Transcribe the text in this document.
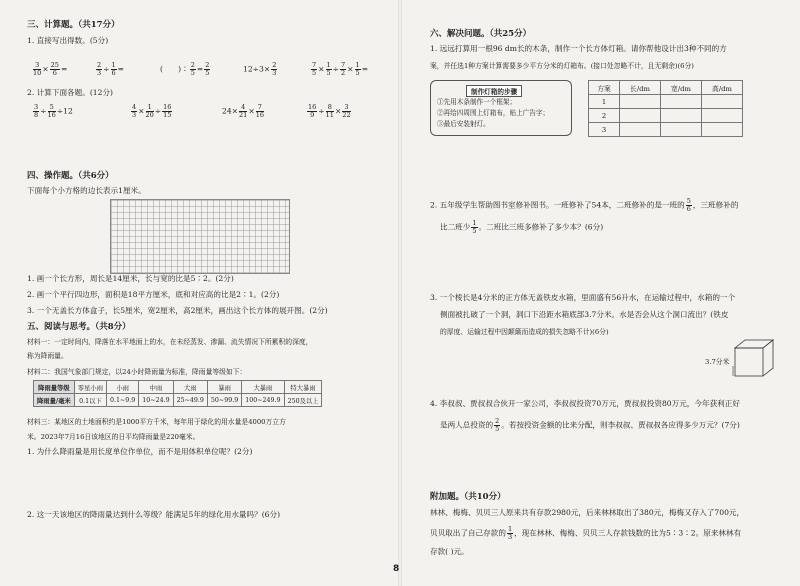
三、计算题。（共17分）
1. 直接写出得数。(5分)
$\frac{3}{10} \times \frac{25}{6}$ =	$\frac{2}{3} \div \frac{1}{6}$ =	(　　)∶ $\frac{2}{5} = \frac{2}{5}$	$12\div 3\times \frac{2}{3}$	$\frac{7}{5} \times \frac{1}{5} \div \frac{7}{2} \times \frac{1}{5}$ =
2. 计算下面各题。(12分)
$\frac{3}{8} \div \frac{5}{16} \div 12$	$\frac{4}{3} \times \frac{1}{20} \div \frac{16}{15}$	$24\times \frac{4}{21} \times \frac{7}{16}$	$\frac{16}{9} \div \frac{8}{11} \times \frac{3}{22}$
四、操作题。（共6分）
下面每个小方格的边长表示1厘米。
1. 画一个长方形，周长是14厘米，长与宽的比是5∶2。(2分)
2. 画一个平行四边形，面积是18平方厘米，底和对应高的比是2∶1。(2分)
3. 一个无盖长方体盒子，长5厘米，宽2厘米，高2厘米，画出这个长方体的展开图。(2分)
五、阅读与思考。（共8分）
材料一：一定时间内，降落在水平地面上的水，在未经蒸发、渗漏、流失情况下所累积的深度，
称为降雨量。
材料二：我国气象部门规定，以24小时降雨量为标准，降雨量等级如下：
降雨量等级	零星小雨	小雨	中雨	大雨	暴雨	大暴雨	特大暴雨
降雨量/毫米	0.1以下	0.1~9.9	10~24.9	25~49.9	50~99.9	100~249.9	250及以上
材料三：某地区的土地面积约是1000平方千米，每年用于绿化的用水量是4000万立方
米。2023年7月16日该地区的日平均降雨量是220毫米。
1. 为什么降雨量是用长度单位作单位，而不是用体积单位呢？(2分)
2. 这一天该地区的降雨量达到什么等级？能满足5年的绿化用水量吗？(6分)
六、解决问题。（共25分）
1. 远远打算用一根96 dm长的木条，制作一个长方体灯箱。请你帮他设计出3种不同的方
案，并任选1种方案计算需要多少平方分米的灯箱布。(接口处忽略不计，且无剩余)(6分)
制作灯箱的步骤
①先用木条制作一个框架；
②再给四周围上灯箱布，贴上广告字；
③最后安装射灯。
方案	长/dm	宽/dm	高/dm
1			
2			
3			
2. 五年级学生帮助图书室修补图书。一班修补了54本，二班修补的是一班的 $\frac{5}{6}$ ，三班修补的
比二班少 $\frac{1}{5}$ 。二班比三班多修补了多少本？(6分)
3. 一个棱长是4分米的正方体无盖铁皮水箱，里面盛有56升水，在运输过程中，水箱的一个
侧面被扎破了一个洞，洞口下沿距水箱底部3.7分米。水是否会从这个洞口流出？(铁皮
的厚度、运输过程中因颠簸而造成的损失忽略不计)(6分)
3.7分米
4. 李叔叔、贾叔叔合伙开一家公司，李叔叔投资70万元，贾叔叔投资80万元，今年获利正好
是两人总投资的 $\frac{2}{5}$ 。若按投资金额的比来分配，则李叔叔、贾叔叔各应得多少万元？(7分)
附加题。（共10分）
林林、梅梅、贝贝三人原来共有存款2980元，后来林林取出了380元，梅梅又存入了700元，
贝贝取出了自己存款的 $\frac{1}{3}$ ，现在林林、梅梅、贝贝三人存款钱数的比为5∶3∶2。原来林林有
存款( )元。
8
